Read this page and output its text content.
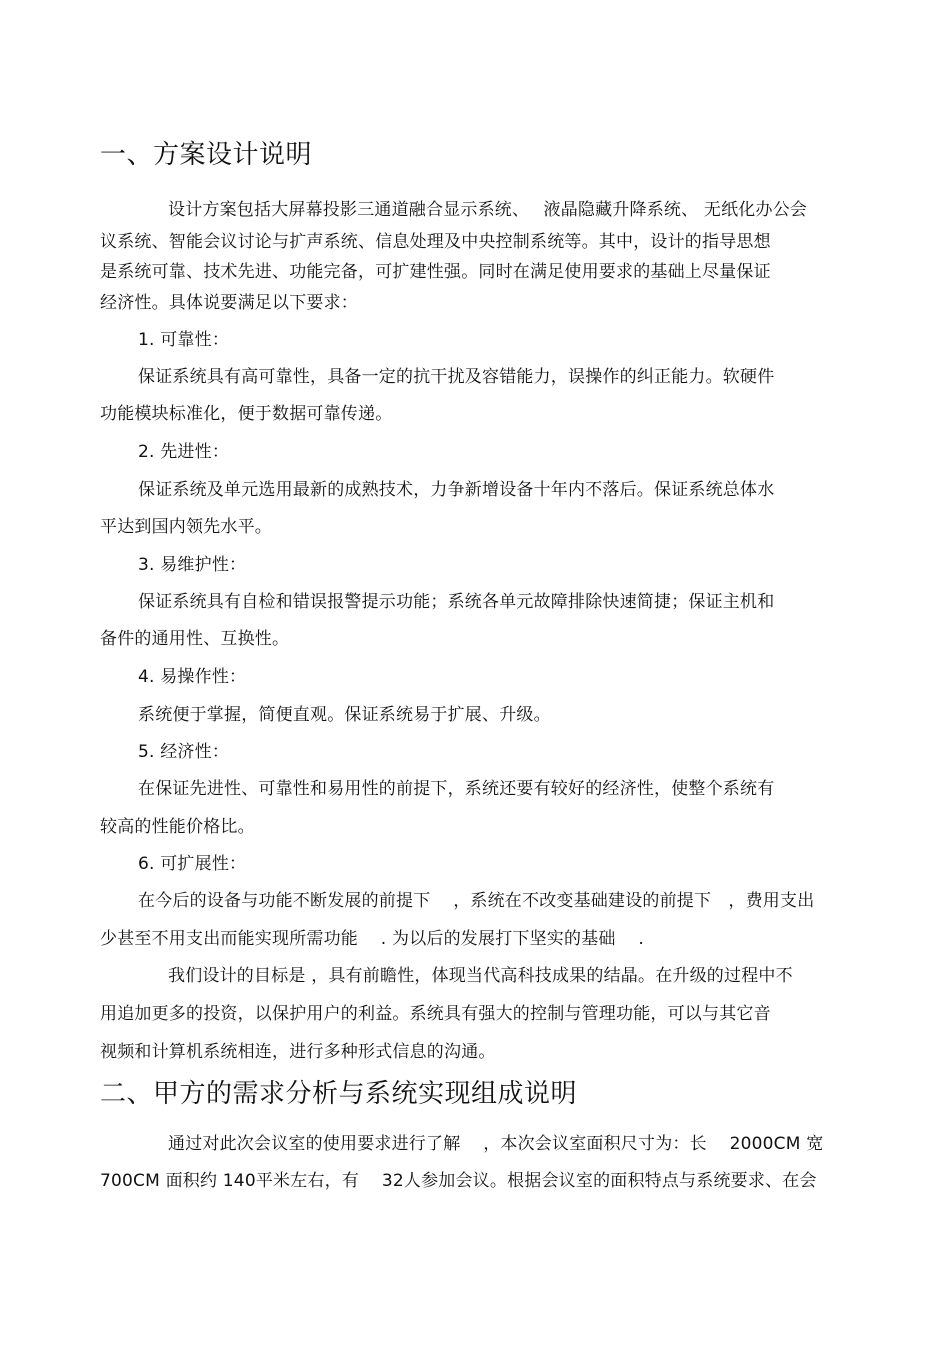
一、方案设计说明
设计方案包括大屏幕投影三通道融合显示系统、　 液晶隐藏升降系统、 无纸化办公会
议系统、智能会议讨论与扩声系统、信息处理及中央控制系统等。其中，设计的指导思想
是系统可靠、技术先进、功能完备，可扩建性强。同时在满足使用要求的基础上尽量保证
经济性。具体说要满足以下要求：
1. 可靠性：
保证系统具有高可靠性，具备一定的抗干扰及容错能力，误操作的纠正能力。软硬件
功能模块标准化，便于数据可靠传递。
2. 先进性：
保证系统及单元选用最新的成熟技术，力争新增设备十年内不落后。保证系统总体水
平达到国内领先水平。
3. 易维护性：
保证系统具有自检和错误报警提示功能；系统各单元故障排除快速简捷；保证主机和
备件的通用性、互换性。
4. 易操作性：
系统便于掌握，简便直观。保证系统易于扩展、升级。
5. 经济性：
在保证先进性、可靠性和易用性的前提下，系统还要有较好的经济性，使整个系统有
较高的性能价格比。
6. 可扩展性：
在今后的设备与功能不断发展的前提下 　，系统在不改变基础建设的前提下　，费用支出
少甚至不用支出而能实现所需功能 　. 为以后的发展打下坚实的基础　 .
我们设计的目标是 ，具有前瞻性，体现当代高科技成果的结晶。在升级的过程中不
用追加更多的投资，以保护用户的利益。系统具有强大的控制与管理功能，可以与其它音
视频和计算机系统相连，进行多种形式信息的沟通。
二、甲方的需求分析与系统实现组成说明
通过对此次会议室的使用要求进行了解 　，本次会议室面积尺寸为：长 　2000CM 宽
700CM 面积约 140平米左右，有 　32人参加会议。根据会议室的面积特点与系统要求、在会
